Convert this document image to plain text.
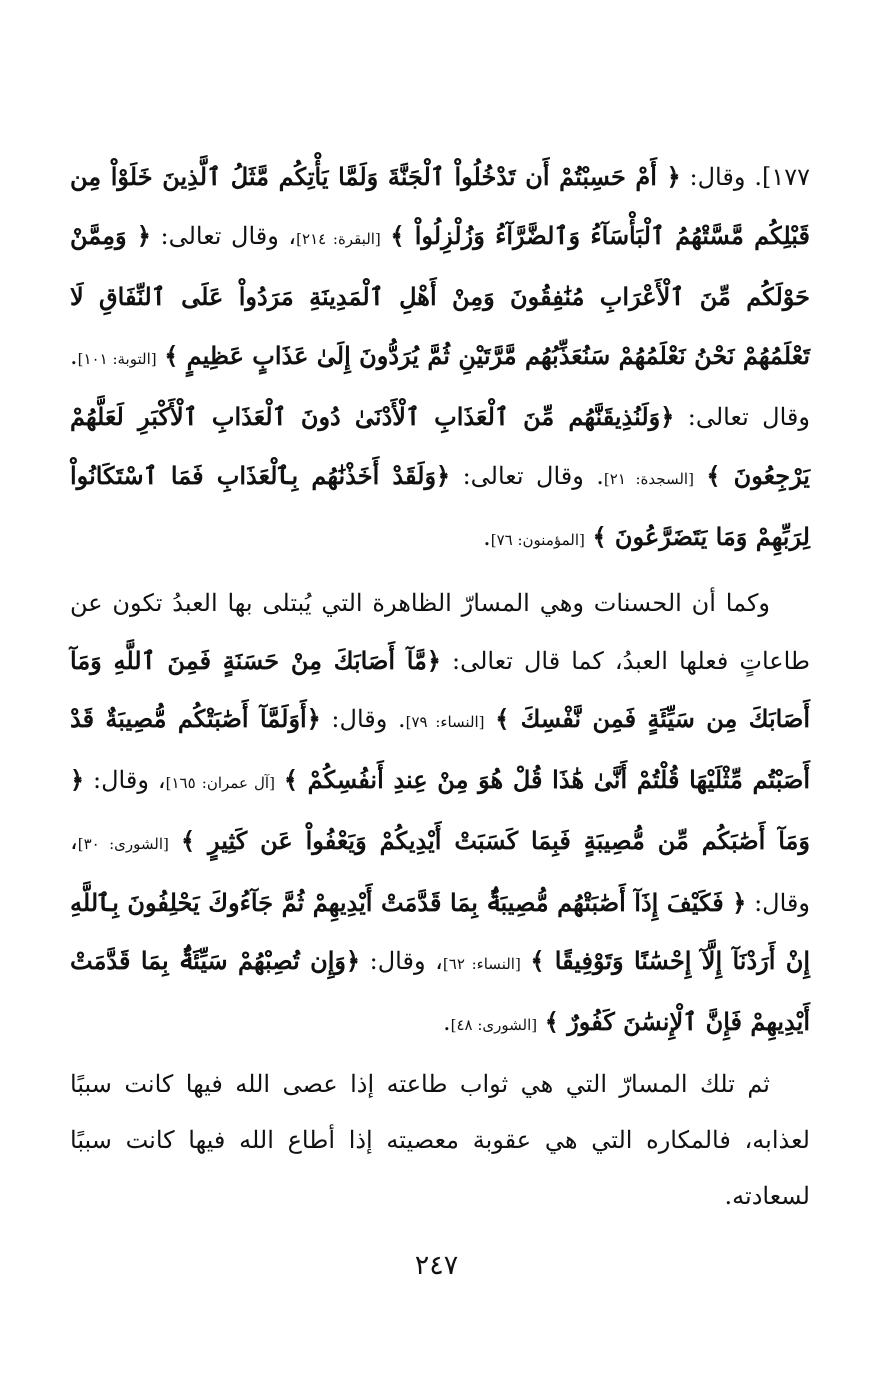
١٧٧]. وقال: ﴿ أَمْ حَسِبْتُمْ أَن تَدْخُلُواْ ٱلْجَنَّةَ وَلَمَّا يَأْتِكُم مَّثَلُ ٱلَّذِينَ خَلَوْاْ مِن قَبْلِكُم مَّسَّتْهُمُ ٱلْبَأْسَآءُ وَٱلضَّرَّآءُ وَزُلْزِلُواْ ﴾ [البقرة: ٢١٤]، وقال تعالى: ﴿ وَمِمَّنْ حَوْلَكُم مِّنَ ٱلْأَعْرَابِ مُنَٰفِقُونَ وَمِنْ أَهْلِ ٱلْمَدِينَةِ مَرَدُواْ عَلَى ٱلنِّفَاقِ لَا تَعْلَمُهُمْ نَحْنُ نَعْلَمُهُمْ سَنُعَذِّبُهُم مَّرَّتَيْنِ ثُمَّ يُرَدُّونَ إِلَىٰ عَذَابٍ عَظِيمٍ ﴾ [التوبة: ١٠١]. وقال تعالى: ﴿وَلَنُذِيقَنَّهُم مِّنَ ٱلْعَذَابِ ٱلْأَدْنَىٰ دُونَ ٱلْعَذَابِ ٱلْأَكْبَرِ لَعَلَّهُمْ يَرْجِعُونَ ﴾ [السجدة: ٢١]. وقال تعالى: ﴿وَلَقَدْ أَخَذْنَٰهُم بِٱلْعَذَابِ فَمَا ٱسْتَكَانُواْ لِرَبِّهِمْ وَمَا يَتَضَرَّعُونَ ﴾ [المؤمنون: ٧٦].

وكما أن الحسنات وهي المسارّ الظاهرة التي يُبتلى بها العبدُ تكون عن طاعاتٍ فعلها العبدُ، كما قال تعالى: ﴿مَّآ أَصَابَكَ مِنْ حَسَنَةٍ فَمِنَ ٱللَّهِ وَمَآ أَصَابَكَ مِن سَيِّئَةٍ فَمِن نَّفْسِكَ ﴾ [النساء: ٧٩]. وقال: ﴿أَوَلَمَّآ أَصَٰبَتْكُم مُّصِيبَةٌ قَدْ أَصَبْتُم مِّثْلَيْهَا قُلْتُمْ أَنَّىٰ هَٰذَا قُلْ هُوَ مِنْ عِندِ أَنفُسِكُمْ ﴾ [آل عمران: ١٦٥]، وقال: ﴿ وَمَآ أَصَٰبَكُم مِّن مُّصِيبَةٍ فَبِمَا كَسَبَتْ أَيْدِيكُمْ وَيَعْفُواْ عَن كَثِيرٍ ﴾ [الشورى: ٣٠]، وقال: ﴿ فَكَيْفَ إِذَآ أَصَٰبَتْهُم مُّصِيبَةٌۢ بِمَا قَدَّمَتْ أَيْدِيهِمْ ثُمَّ جَآءُوكَ يَحْلِفُونَ بِٱللَّهِ إِنْ أَرَدْنَآ إِلَّآ إِحْسَٰنًا وَتَوْفِيقًا ﴾ [النساء: ٦٢]، وقال: ﴿وَإِن تُصِبْهُمْ سَيِّئَةٌۢ بِمَا قَدَّمَتْ أَيْدِيهِمْ فَإِنَّ ٱلْإِنسَٰنَ كَفُورٌ ﴾ [الشورى: ٤٨].

ثم تلك المسارّ التي هي ثواب طاعته إذا عصى الله فيها كانت سببًا لعذابه، فالمكاره التي هي عقوبة معصيته إذا أطاع الله فيها كانت سببًا لسعادته.

٢٤٧
